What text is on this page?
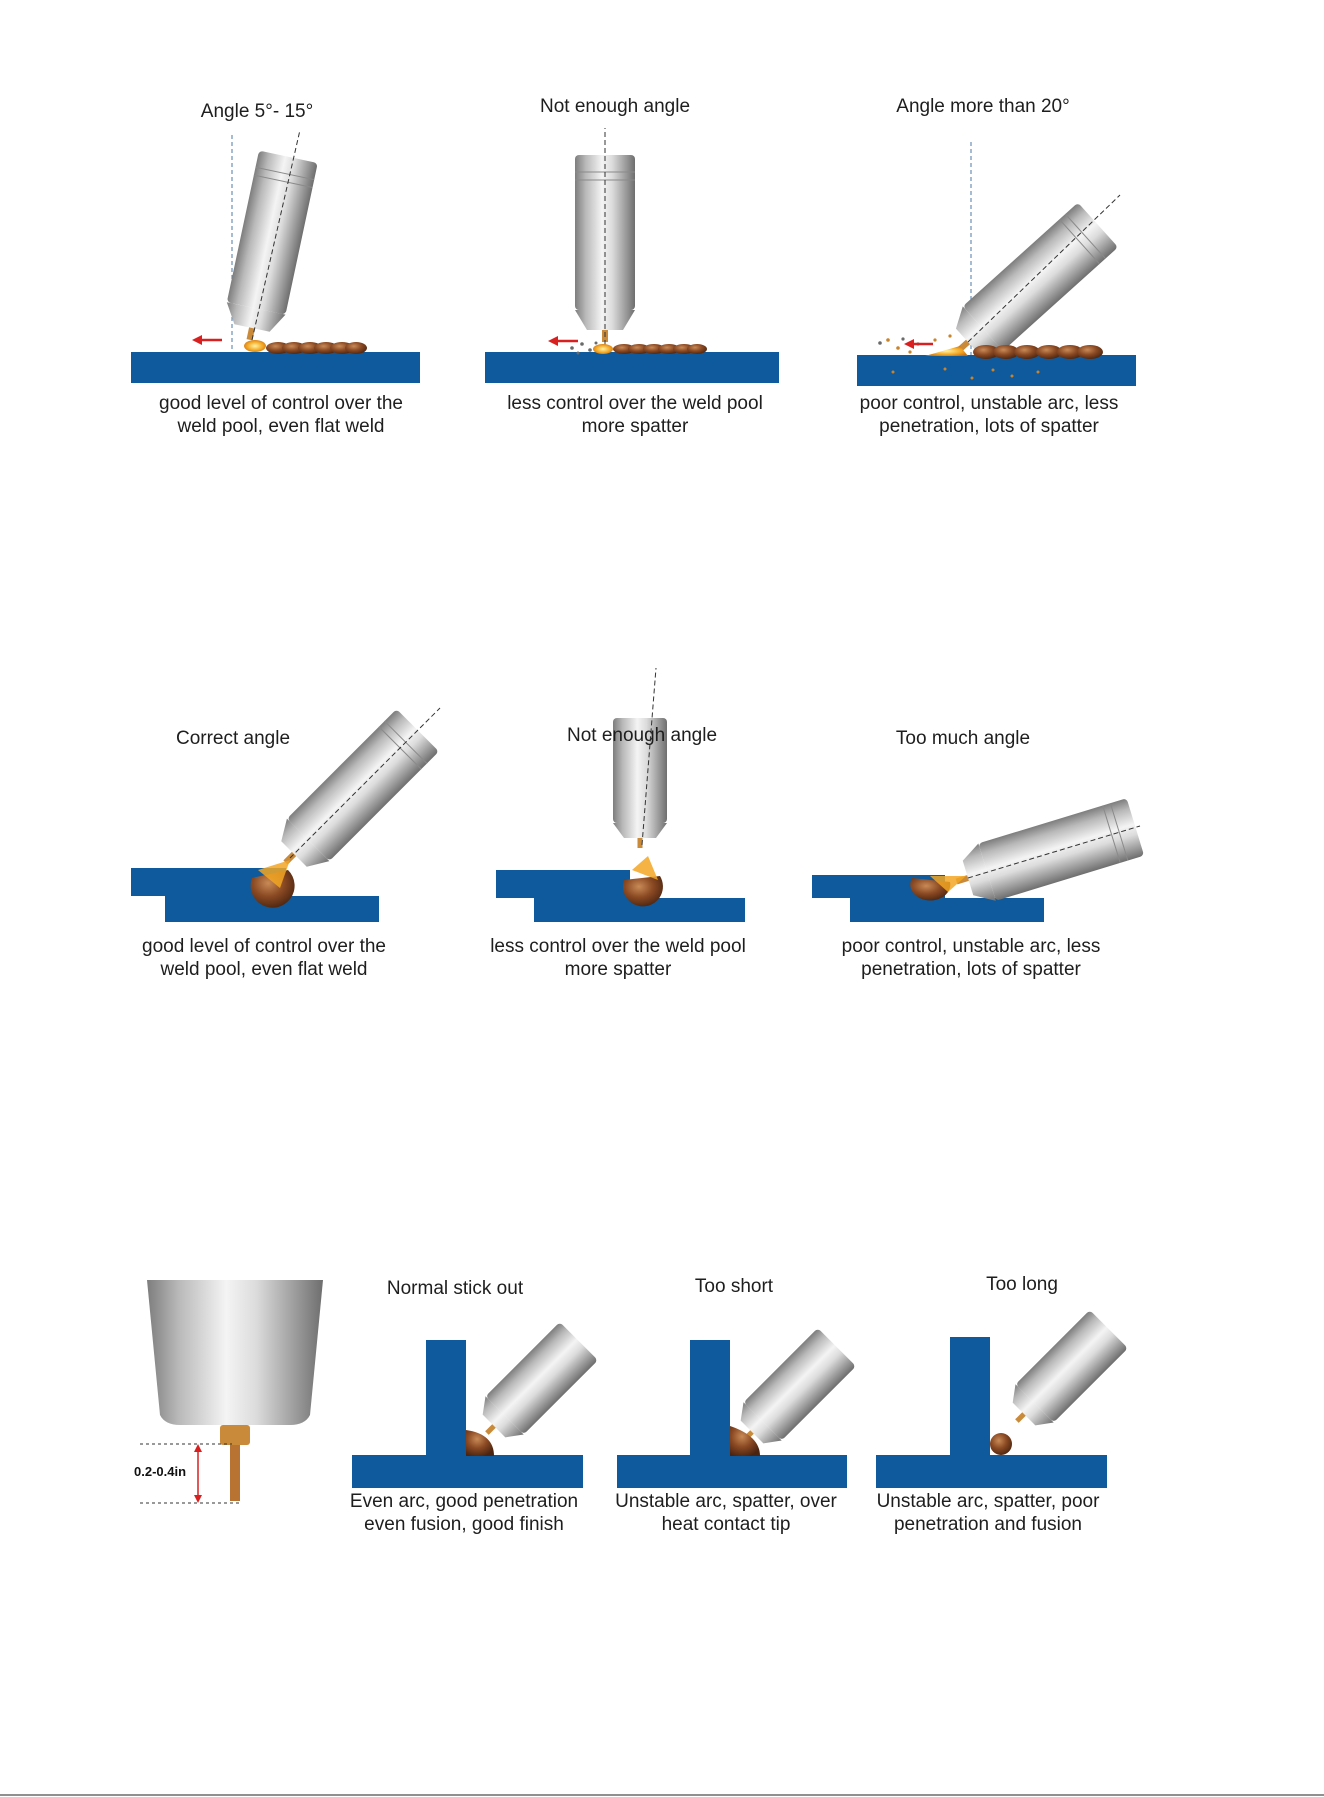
Angle 5°- 15°	Not enough angle	Angle more than 20°
good level of control over the
weld pool, even flat weld
less control over the weld pool
more spatter
poor control, unstable arc, less
penetration, lots of spatter
Correct angle	Not enough angle	Too much angle
good level of control over the
weld pool, even flat weld
less control over the weld pool
more spatter
poor control, unstable arc, less
penetration, lots of spatter
0.2-0.4in
Normal stick out	Too short	Too long
Even arc, good penetration
even fusion, good finish
Unstable arc, spatter, over
heat contact tip
Unstable arc, spatter, poor
penetration and fusion
